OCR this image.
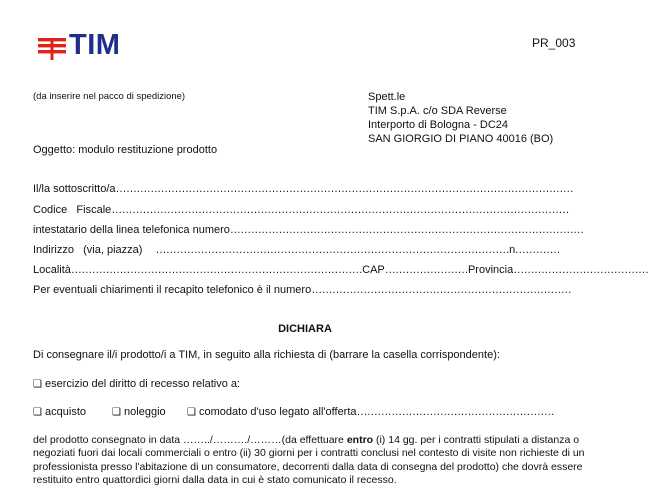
TIM	PR_003
(da inserire nel pacco di spedizione)	Spett.le
TIM S.p.A. c/o SDA Reverse
Interporto di Bologna - DC24
SAN GIORGIO DI PIANO 40016 (BO)
Oggetto: modulo restituzione prodotto
Il/la sottoscritto/a……………………………………………………………………………………………………………………
Codice   Fiscale……………………………………………………………………………………………………………………
intestatario della linea telefonica numero…………………………………………………………………………………………
Indirizzo   (via, piazza) …………………………………………………………………………………………n.…………
Località…………………………………………………………………………CAP……………………Provincia…………………………………
Per eventuali chiarimenti il recapito telefonico è il numero…………………………………………………………………
DICHIARA
Di consegnare il/i prodotto/i a TIM, in seguito alla richiesta di (barrare la casella corrispondente):
❑ esercizio del diritto di recesso relativo a:
❑ acquisto	❑ noleggio ❑ comodato d'uso legato all'offerta…………………………………………………
del prodotto consegnato in data ……../………./………(da effettuare entro (i) 14 gg. per i contratti stipulati a distanza o negoziati fuori dai locali commerciali o entro (ii) 30 giorni per i contratti conclusi nel contesto di visite non richieste di un professionista presso l'abitazione di un consumatore, decorrenti dalla data di consegna del prodotto) che dovrà essere restituito entro quattordici giorni dalla data in cui è stato comunicato il recesso.
